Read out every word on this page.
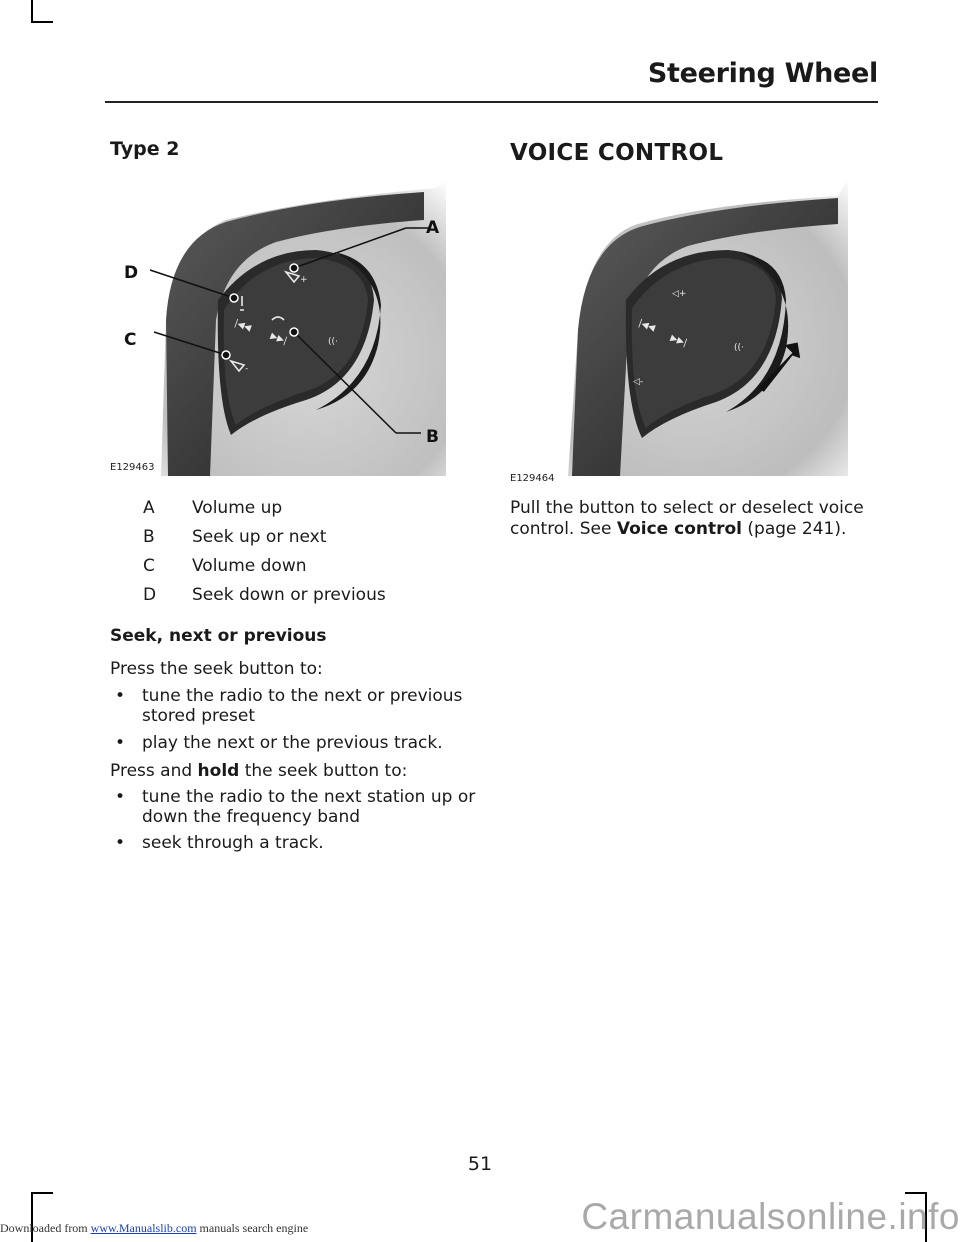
Steering Wheel
Type 2
+
-
|◀◀
▶▶|	((·
A
B
C
D
E129463
A Volume up
B Seek up or next
C Volume down
D Seek down or previous
Seek, next or previous
Press the seek button to:
• tune the radio to the next or previous stored preset
• play the next or the previous track.
Press and hold the seek button to:
• tune the radio to the next station up or down the frequency band
• seek through a track.
VOICE CONTROL
◁+
◁-
|◀◀
▶▶|	((·
E129464
Pull the button to select or deselect voice control. See Voice control (page 241).
51
Downloaded from www.Manualslib.com manuals search engine	Carmanualsonline.info
